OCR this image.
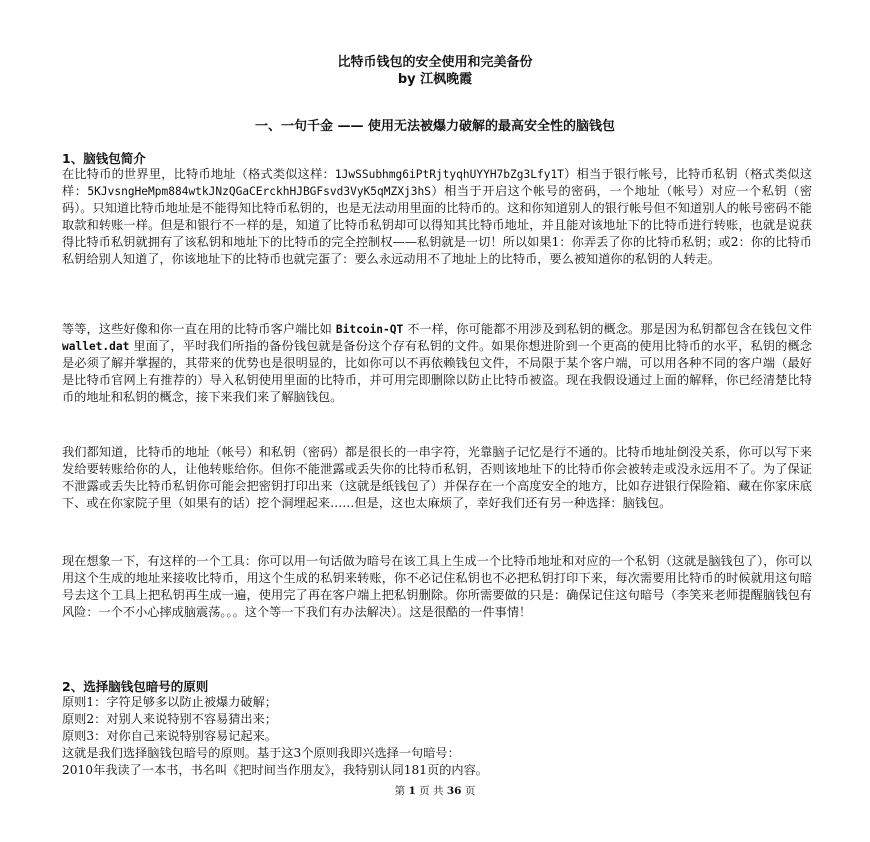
比特币钱包的安全使用和完美备份
by 江枫晚霞
一、一句千金 —— 使用无法被爆力破解的最高安全性的脑钱包
1、脑钱包简介

在比特币的世界里，比特币地址（格式类似这样：1JwSSubhmg6iPtRjtyqhUYYH7bZg3Lfy1T）相当于银行帐号，比特币私钥（格式类似这样：5KJvsngHeMpm884wtkJNzQGaCErckhHJBGFsvd3VyK5qMZXj3hS）相当于开启这个帐号的密码，一个地址（帐号）对应一个私钥（密码）。只知道比特币地址是不能得知比特币私钥的，也是无法动用里面的比特币的。这和你知道别人的银行帐号但不知道别人的帐号密码不能取款和转账一样。但是和银行不一样的是，知道了比特币私钥却可以得知其比特币地址，并且能对该地址下的比特币进行转账，也就是说获得比特币私钥就拥有了该私钥和地址下的比特币的完全控制权——私钥就是一切！所以如果1：你弄丢了你的比特币私钥；或2：你的比特币私钥给别人知道了，你该地址下的比特币也就完蛋了：要么永远动用不了地址上的比特币，要么被知道你的私钥的人转走。

等等，这些好像和你一直在用的比特币客户端比如 Bitcoin-QT 不一样，你可能都不用涉及到私钥的概念。那是因为私钥都包含在钱包文件 wallet.dat 里面了，平时我们所指的备份钱包就是备份这个存有私钥的文件。如果你想进阶到一个更高的使用比特币的水平，私钥的概念是必须了解并掌握的，其带来的优势也是很明显的，比如你可以不再依赖钱包文件，不局限于某个客户端，可以用各种不同的客户端（最好是比特币官网上有推荐的）导入私钥使用里面的比特币，并可用完即删除以防止比特币被盗。现在我假设通过上面的解释，你已经清楚比特币的地址和私钥的概念，接下来我们来了解脑钱包。

我们都知道，比特币的地址（帐号）和私钥（密码）都是很长的一串字符，光靠脑子记忆是行不通的。比特币地址倒没关系，你可以写下来发给要转账给你的人，让他转账给你。但你不能泄露或丢失你的比特币私钥，否则该地址下的比特币你会被转走或没永远用不了。为了保证不泄露或丢失比特币私钥你可能会把密钥打印出来（这就是纸钱包了）并保存在一个高度安全的地方，比如存进银行保险箱、藏在你家床底下、或在你家院子里（如果有的话）挖个洞埋起来……但是，这也太麻烦了，幸好我们还有另一种选择：脑钱包。

现在想象一下，有这样的一个工具：你可以用一句话做为暗号在该工具上生成一个比特币地址和对应的一个私钥（这就是脑钱包了），你可以用这个生成的地址来接收比特币，用这个生成的私钥来转账，你不必记住私钥也不必把私钥打印下来，每次需要用比特币的时候就用这句暗号去这个工具上把私钥再生成一遍，使用完了再在客户端上把私钥删除。你所需要做的只是：确保记住这句暗号（李笑来老师提醒脑钱包有风险：一个不小心摔成脑震荡。。。这个等一下我们有办法解决）。这是很酷的一件事情！

2、选择脑钱包暗号的原则
原则1：字符足够多以防止被爆力破解；
原则2：对别人来说特别不容易猜出来；
原则3：对你自己来说特别容易记起来。
这就是我们选择脑钱包暗号的原则。基于这3个原则我即兴选择一句暗号：
2010年我读了一本书，书名叫《把时间当作朋友》，我特别认同181页的内容。
第 1 页 共 36 页
